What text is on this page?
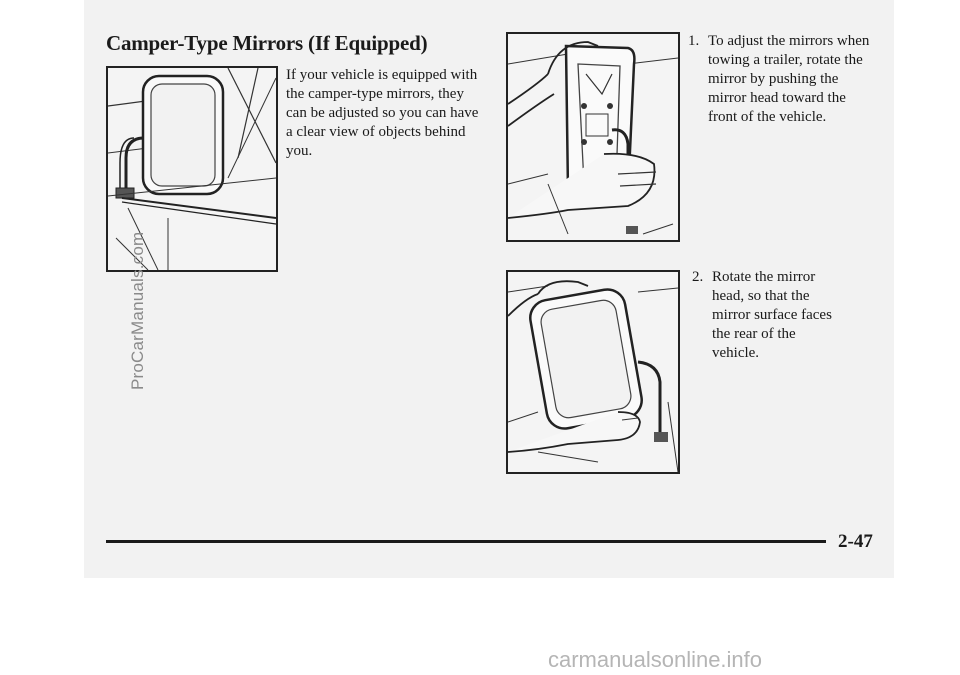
Camper-Type Mirrors (If Equipped)
If your vehicle is equipped with the camper-type mirrors, they can be adjusted so you can have a clear view of objects behind you.
1. To adjust the mirrors when towing a trailer, rotate the mirror by pushing the mirror head toward the front of the vehicle.
2. Rotate the mirror head, so that the mirror surface faces the rear of the vehicle.
2-47
ProCarManuals.com
carmanualsonline.info
